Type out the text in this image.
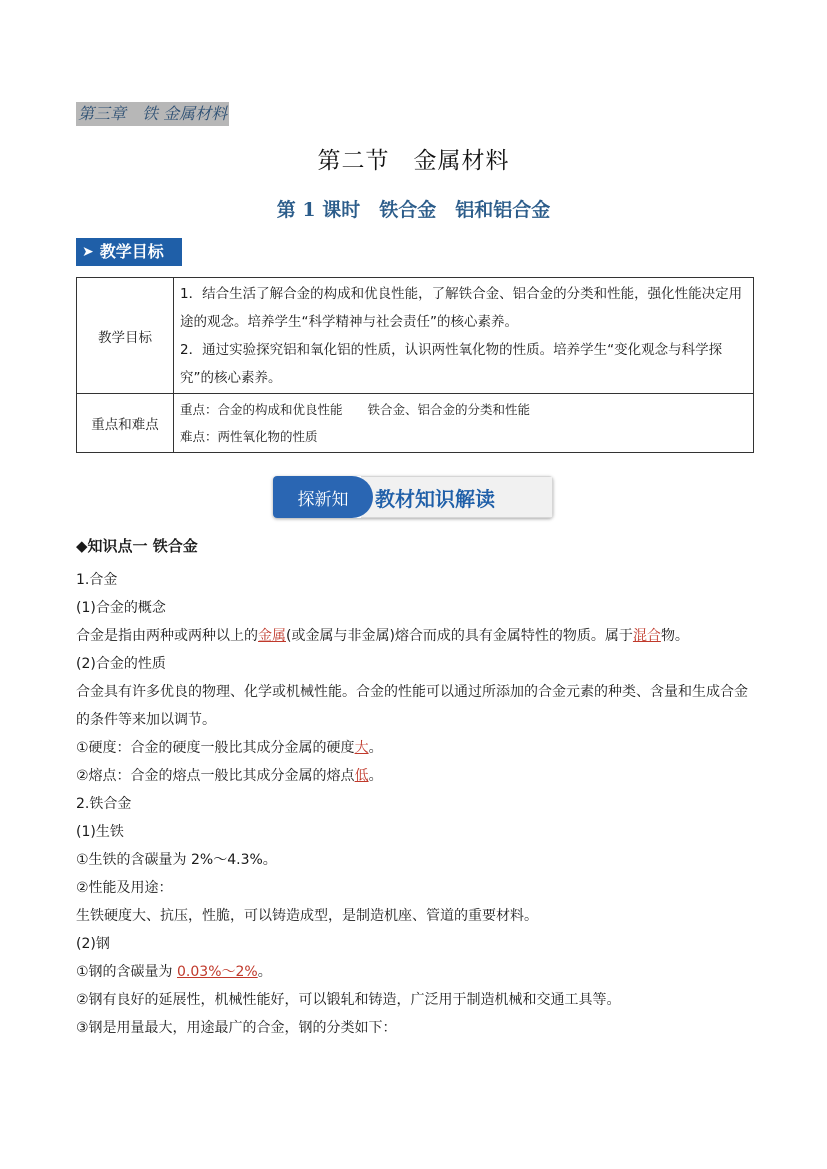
第三章　铁 金属材料
第二节　金属材料
第 1 课时　铁合金　铝和铝合金
➤ 教学目标
教学目标	1．结合生活了解合金的构成和优良性能，了解铁合金、铝合金的分类和性能，强化性能决定用途的观念。培养学生“科学精神与社会责任”的核心素养。
2．通过实验探究铝和氧化铝的性质，认识两性氧化物的性质。培养学生“变化观念与科学探究”的核心素养。

重点和难点	重点：合金的构成和优良性能　　铁合金、铝合金的分类和性能
难点：两性氧化物的性质
探新知	教材知识解读
◆知识点一 铁合金
1.合金
(1)合金的概念
合金是指由两种或两种以上的金属(或金属与非金属)熔合而成的具有金属特性的物质。属于混合物。
(2)合金的性质
合金具有许多优良的物理、化学或机械性能。合金的性能可以通过所添加的合金元素的种类、含量和生成合金的条件等来加以调节。
①硬度：合金的硬度一般比其成分金属的硬度大。
②熔点：合金的熔点一般比其成分金属的熔点低。
2.铁合金
(1)生铁
①生铁的含碳量为 2%～4.3%。
②性能及用途：
生铁硬度大、抗压，性脆，可以铸造成型，是制造机座、管道的重要材料。
(2)钢
①钢的含碳量为 0.03%～2%。
②钢有良好的延展性，机械性能好，可以锻轧和铸造，广泛用于制造机械和交通工具等。
③钢是用量最大，用途最广的合金，钢的分类如下：
